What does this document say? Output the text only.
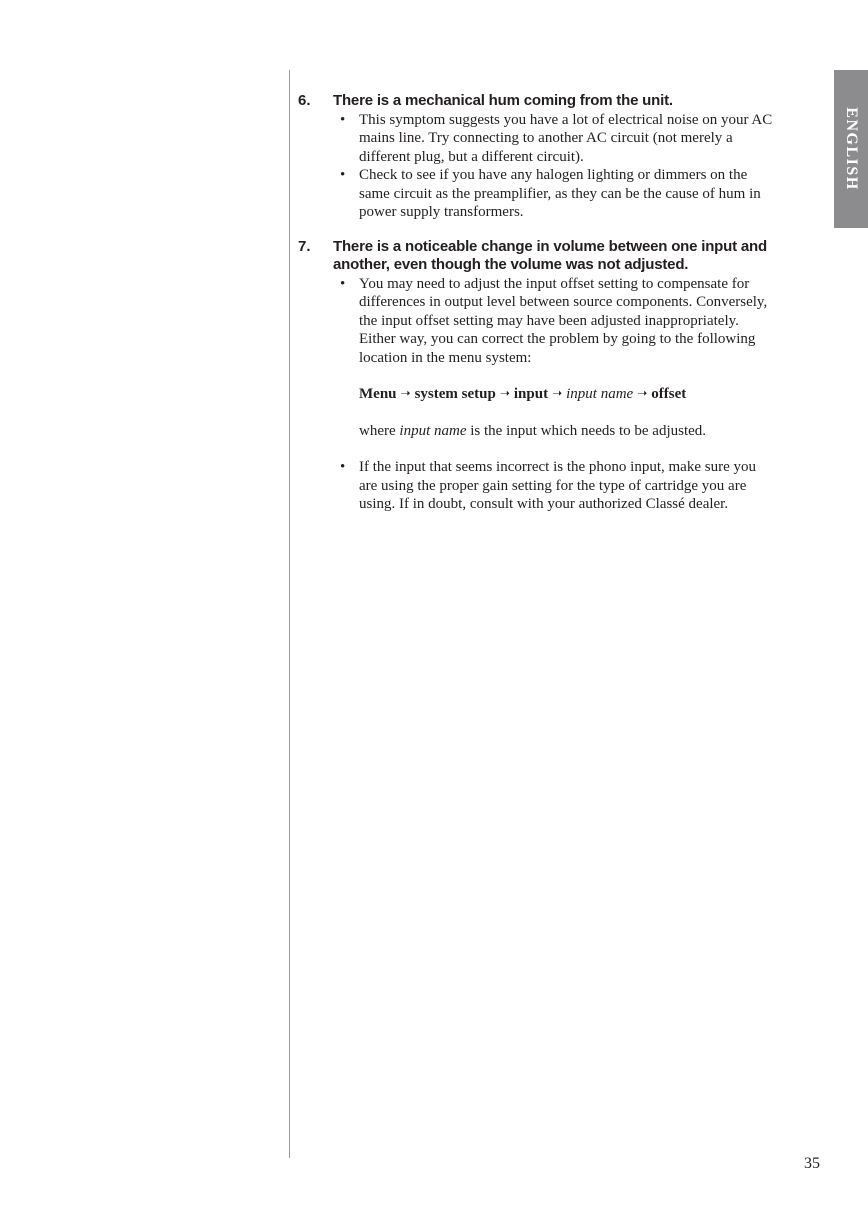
ENGLISH
6.	There is a mechanical hum coming from the unit.
• This symptom suggests you have a lot of electrical noise on your AC mains line. Try connecting to another AC circuit (not merely a different plug, but a different circuit).
• Check to see if you have any halogen lighting or dimmers on the same circuit as the preamplifier, as they can be the cause of hum in power supply transformers.
7.	There is a noticeable change in volume between one input and another, even though the volume was not adjusted.
• You may need to adjust the input offset setting to compensate for differences in output level between source components. Conversely, the input offset setting may have been adjusted inappropriately. Either way, you can correct the problem by going to the following location in the menu system:
Menu ➝ system setup ➝ input ➝ input name ➝ offset
where input name is the input which needs to be adjusted.
• If the input that seems incorrect is the phono input, make sure you are using the proper gain setting for the type of cartridge you are using. If in doubt, consult with your authorized Classé dealer.
35
